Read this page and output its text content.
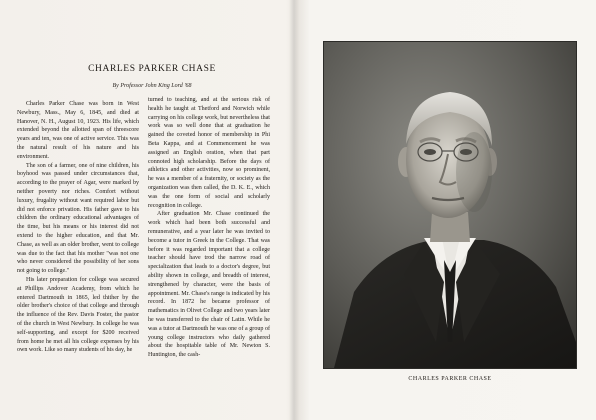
CHARLES PARKER CHASE
By Professor John King Lord '68

Charles Parker Chase was born in West Newbury, Mass., May 6, 1845, and died at Hanover, N. H., August 10, 1923. His life, which extended beyond the allotted span of threescore years and ten, was one of active service. This was the natural result of his nature and his environment.

The son of a farmer, one of nine children, his boyhood was passed under circumstances that, according to the prayer of Agar, were marked by neither poverty nor riches. Comfort without luxury, frugality without want required labor but did not enforce privation. His father gave to his children the ordinary educational advantages of the time, but his means or his interest did not extend to the higher education, and that Mr. Chase, as well as an older brother, went to college was due to the fact that his mother "was not one who never considered the possibility of her sons not going to college."

His later preparation for college was secured at Phillips Andover Academy, from which he entered Dartmouth in 1865, led thither by the older brother's choice of that college and through the influence of the Rev. Davis Foster, the pastor of the church in West Newbury. In college he was self-supporting, and except for $200 received from home he met all his college expenses by his own work. Like so many students of his day, he

turned to teaching, and at the serious risk of health he taught at Thetford and Norwich while carrying on his college work, but nevertheless that work was so well done that at graduation he gained the coveted honor of membership in Phi Beta Kappa, and at Commencement he was assigned an English oration, when that part connoted high scholarship. Before the days of athletics and other activities, now so prominent, he was a member of a fraternity, or society as the organization was then called, the D. K. E., which was the one form of social and scholarly recognition in college.

After graduation Mr. Chase continued the work which had been both successful and remunerative, and a year later he was invited to become a tutor in Greek in the College. That was before it was regarded important that a college teacher should have trod the narrow road of specialization that leads to a doctor's degree, but ability shown in college, and breadth of interest, strengthened by character, were the basis of appointment. Mr. Chase's range is indicated by his record. In 1872 he became professor of mathematics in Olivet College and two years later he was transferred to the chair of Latin. While he was a tutor at Dartmouth he was one of a group of young college instructors who daily gathered about the hospitable table of Mr. Newton S. Huntington, the cash-

CHARLES PARKER CHASE
